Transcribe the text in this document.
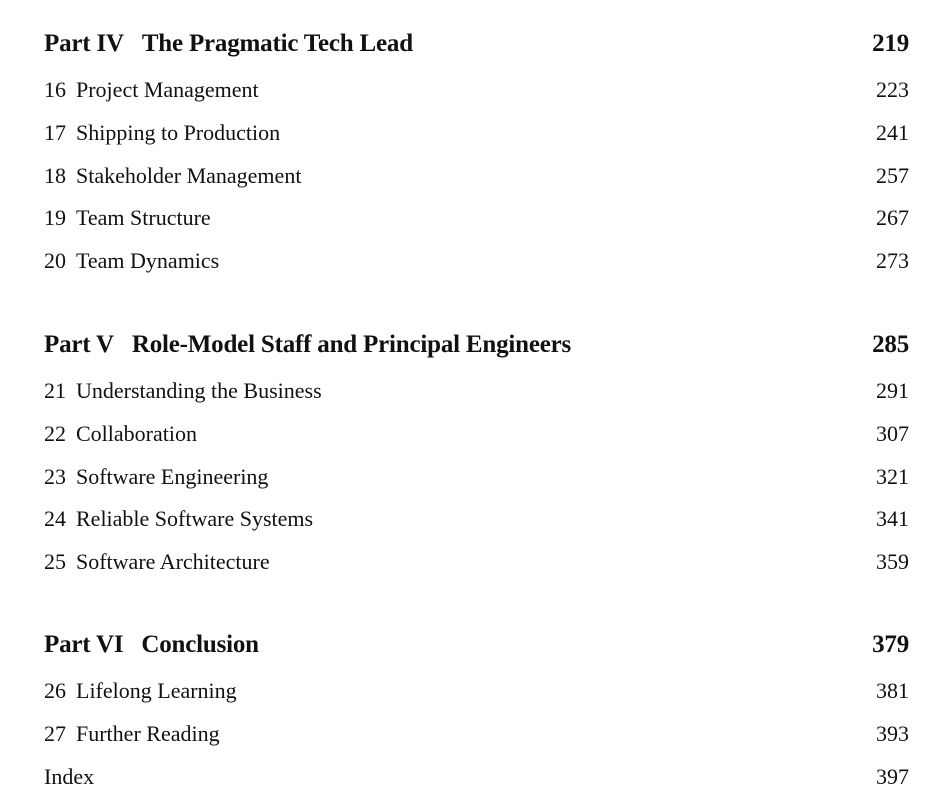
Part IV The Pragmatic Tech Lead	219
16 Project Management	223
17 Shipping to Production	241
18 Stakeholder Management	257
19 Team Structure	267
20 Team Dynamics	273
Part V Role-Model Staff and Principal Engineers	285
21 Understanding the Business	291
22 Collaboration	307
23 Software Engineering	321
24 Reliable Software Systems	341
25 Software Architecture	359
Part VI Conclusion	379
26 Lifelong Learning	381
27 Further Reading	393
Index	397
